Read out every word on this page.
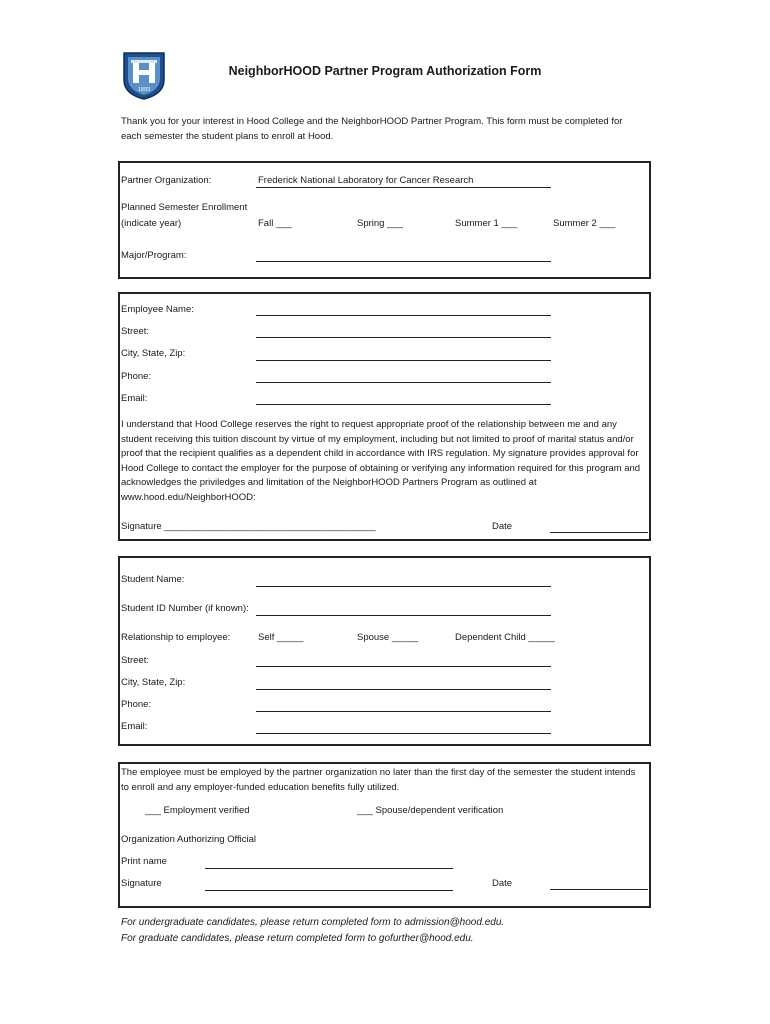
1893
NeighborHOOD Partner Program Authorization Form
Thank you for your interest in Hood College and the NeighborHOOD Partner Program. This form must be completed for each semester the student plans to enroll at Hood.
Partner Organization:	Frederick National Laboratory for Cancer Research
Planned Semester Enrollment
(indicate year)	Fall ___	Spring ___	Summer 1 ___	Summer 2 ___
Major/Program:
Employee Name:
Street:
City, State, Zip:
Phone:
Email:
I understand that Hood College reserves the right to request appropriate proof of the relationship between me and any student receiving this tuition discount by virtue of my employment, including but not limited to proof of marital status and/or proof that the recipient qualifies as a dependent child in accordance with IRS regulation. My signature provides approval for Hood College to contact the employer for the purpose of obtaining or verifying any information required for this program and acknowledges the priviledges and limitation of the NeighborHOOD Partners Program as outlined at www.hood.edu/NeighborHOOD:
Signature ________________________________________	Date
Student Name:
Student ID Number (if known):
Relationship to employee:	Self _____	Spouse _____	Dependent Child _____
Street:
City, State, Zip:
Phone:
Email:
The employee must be employed by the partner organization no later than the first day of the semester the student intends to enroll and any employer-funded education benefits fully utilized.
___ Employment verified	___ Spouse/dependent verification
Organization Authorizing Official
Print name
Signature	Date
For undergraduate candidates, please return completed form to admission@hood.edu.
For graduate candidates, please return completed form to gofurther@hood.edu.
